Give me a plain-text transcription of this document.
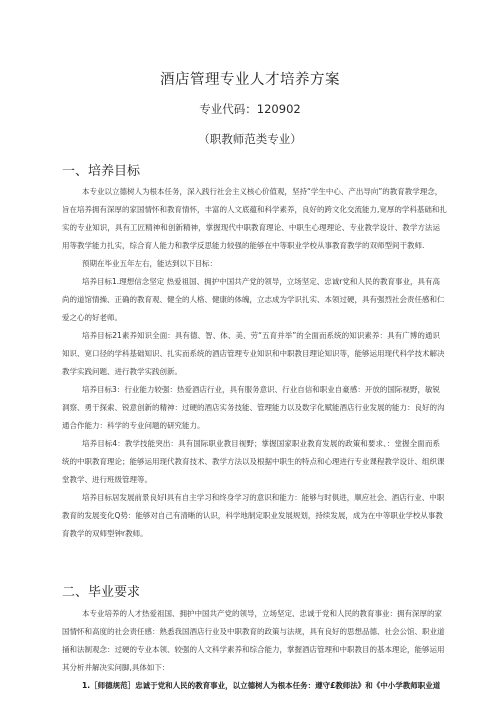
酒店管理专业人才培养方案
专业代码：120902
（职教师范类专业）
一、培养目标
本专业以立德树人为根本任务，深入践行社会主义核心价值观，坚持“学生中心、产出导向”的教育教学理念，
旨在培养拥有深厚的家国情怀和教育情怀，丰富的人文底蕴和科学素养，良好的跨文化交流能力,宽厚的学科基础和扎
实的专业知识，具有工匠精神和创新精神，掌握现代中职教育理论、中职生心理理论、专业教学设计、教学方法运
用等教学能力扎实，综合育人能力和教学反思能力较强的能够在中等职业学校从事教育教学的双师型间干教师.
预期在毕业五年左右，能达到以下目标：
培养目标1.理想信念坚定 热爱祖国、拥护中国共产党的领导，立场坚定、忠诚r党和人民的教育事业，具有高
尚的道馆情操、正确的教育观、健全的人格、健康的体魄，立志成为学识扎实、本领过硬，具有强烈社会责任感和仁
爱之心的好老师。
培养目标21素养知识全面：具有德、智、体、美、劳“五育并举”的全面而系统的知识素养：具有广博的通识
知识、宽口径的学科基础知识、扎实而系统的酒店管理专业知识和中职教目理论知识等，能够运用现代科学技术解决
教学实践问题、进行教学实践创新。
培养目标3：行业能力较强：热爱酒店行业，具有服务意识、行业自信和职业自豪感：开放的国际视野，敏锐
洞察、勇于探索、锐意创新的精神：过硬的酒店实务技能、管理能力以及数字化赋能酒店行业发展的能力：良好的沟
通合作能力：科学的专业问题的研究能力。
培养目标4：教学技能突出：具有国际职业教目视野；掌握国家职业教育发展的政策和要求、：堂握全面而系
统的中职教育理论；能够运用现代教育技术、教学方法以及根据中职生的特点和心理进行专业课程教学设计、组织课
堂教学、进行班级管理等。
培养目标居发展前景良好Ⅰ具有自主学习和终身学习的意识和能力：能够与时俱进，顺应社会、酒店行业、中职
教育的发展变化Q势：能够对自己有清晰的认识，科学地制定职业发展规划，持续发展，成为在中等职业学校从事教
育教学的双师型钟r教师。
二、毕业要求
本专业培养的人才热爱祖国、拥护中国共产党的领导，立场坚定、忠诚于党和人民的教育事业：拥有深厚的家
国情怀和高度的社会责任感：熟悉我国酒店行业及中职教育的政策与法规，具有良好的思想品德、社会公馆、职业道
捅和法制观念：过硬的专业本领、较强的人文科学素养和综合能力，掌握酒店管理和中职教目的基本理论，能够运用
其分析并解决实问脚,具体如下：
1.［师德规范］忠诚于党和人民的教育事业，以立德树人为根本任务：遵守£教师法》和《中小学教师职业道
